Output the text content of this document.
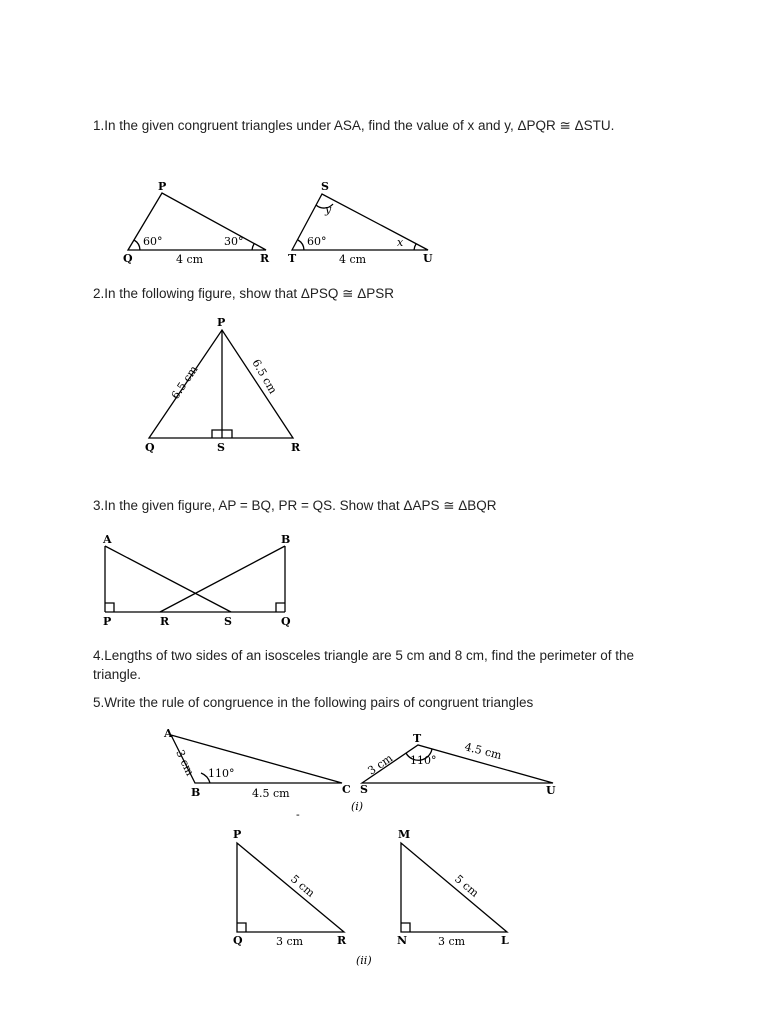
1.In the given congruent triangles under ASA, find the value of x and y, ΔPQR ≅ ΔSTU.

2.In the following figure, show that ΔPSQ ≅ ΔPSR

3.In the given figure, AP = BQ, PR = QS. Show that ΔAPS ≅ ΔBQR

4.Lengths of two sides of an isosceles triangle are 5 cm and 8 cm, find the perimeter of the triangle.

5.Write the rule of congruence in the following pairs of congruent triangles

P
Q	R
60°	30°
4 cm
S
T	U
60°
y
x
4 cm
P
Q	S	R
6.5 cm	6.5 cm
A	B
P	R	S	Q
A
B	C
3 cm 110°
4.5 cm	S
T
U
3 cm 110° 4.5 cm
(i)
-
P
Q	R
5 cm
3 cm
M
N	L
5 cm
3 cm
(ii)
